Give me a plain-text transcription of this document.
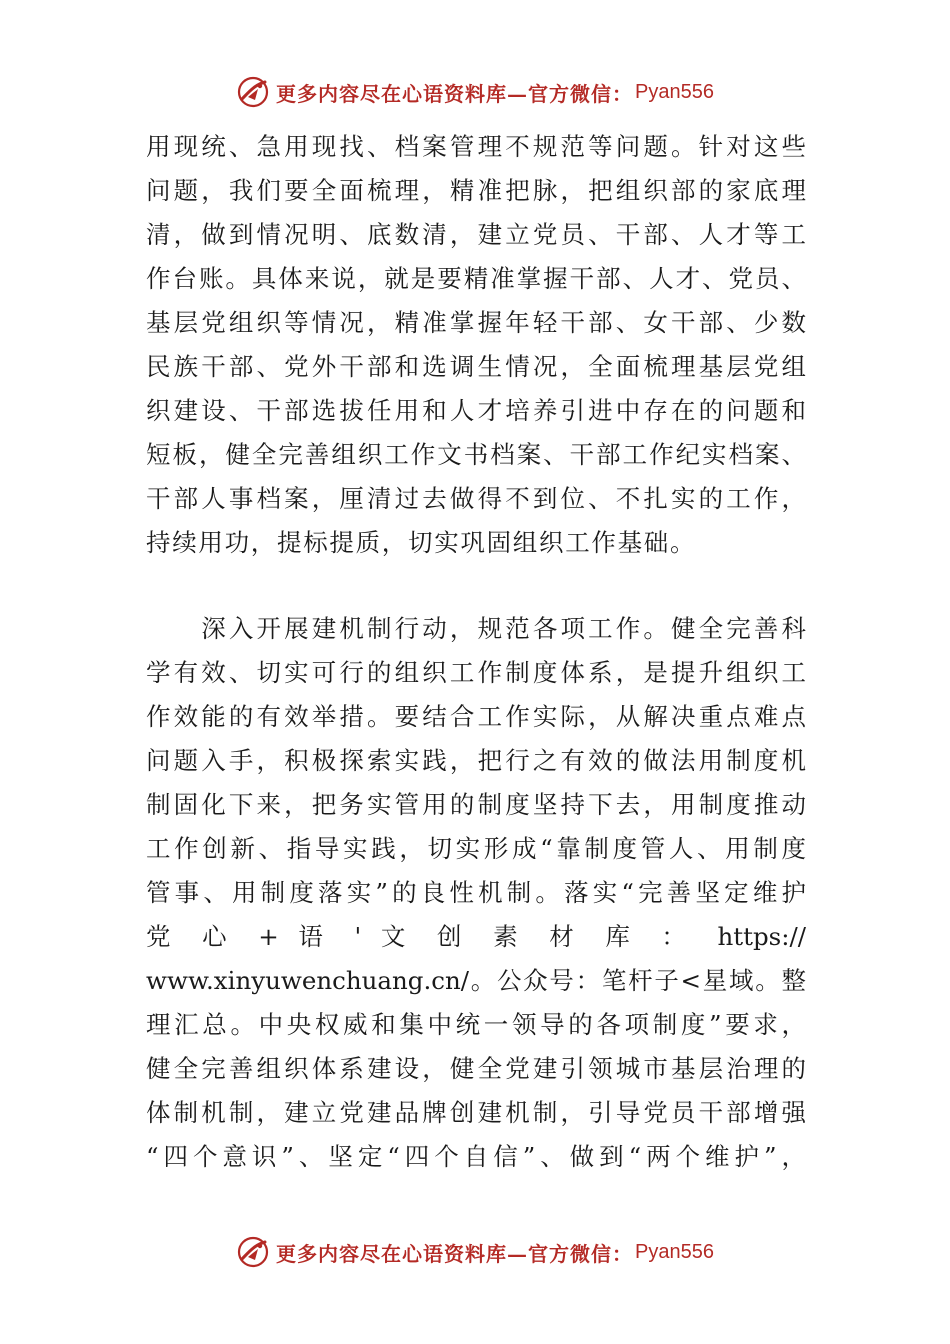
更多内容尽在心语资料库—官方微信： Pyan556
用现统、急用现找、档案管理不规范等问题。针对这些
问题，我们要全面梳理，精准把脉，把组织部的家底理
清，做到情况明、底数清，建立党员、干部、人才等工
作台账。具体来说，就是要精准掌握干部、人才、党员、
基层党组织等情况，精准掌握年轻干部、女干部、少数
民族干部、党外干部和选调生情况，全面梳理基层党组
织建设、干部选拔任用和人才培养引进中存在的问题和
短板，健全完善组织工作文书档案、干部工作纪实档案、
干部人事档案，厘清过去做得不到位、不扎实的工作，
持续用功，提标提质，切实巩固组织工作基础。
　　深入开展建机制行动，规范各项工作。健全完善科
学有效、切实可行的组织工作制度体系，是提升组织工
作效能的有效举措。要结合工作实际，从解决重点难点
问题入手，积极探索实践，把行之有效的做法用制度机
制固化下来，把务实管用的制度坚持下去，用制度推动
工作创新、指导实践，切实形成“靠制度管人、用制度
管事、用制度落实”的良性机制。落实“完善坚定维护
党 心 + 语 ' 文 创 素 材 库 ： https://
www.xinyuwenchuang.cn/。公众号：笔杆子<星域。整
理汇总。中央权威和集中统一领导的各项制度”要求，
健全完善组织体系建设，健全党建引领城市基层治理的
体制机制，建立党建品牌创建机制，引导党员干部增强
“四个意识”、坚定“四个自信”、做到“两个维护”，
更多内容尽在心语资料库—官方微信： Pyan556
